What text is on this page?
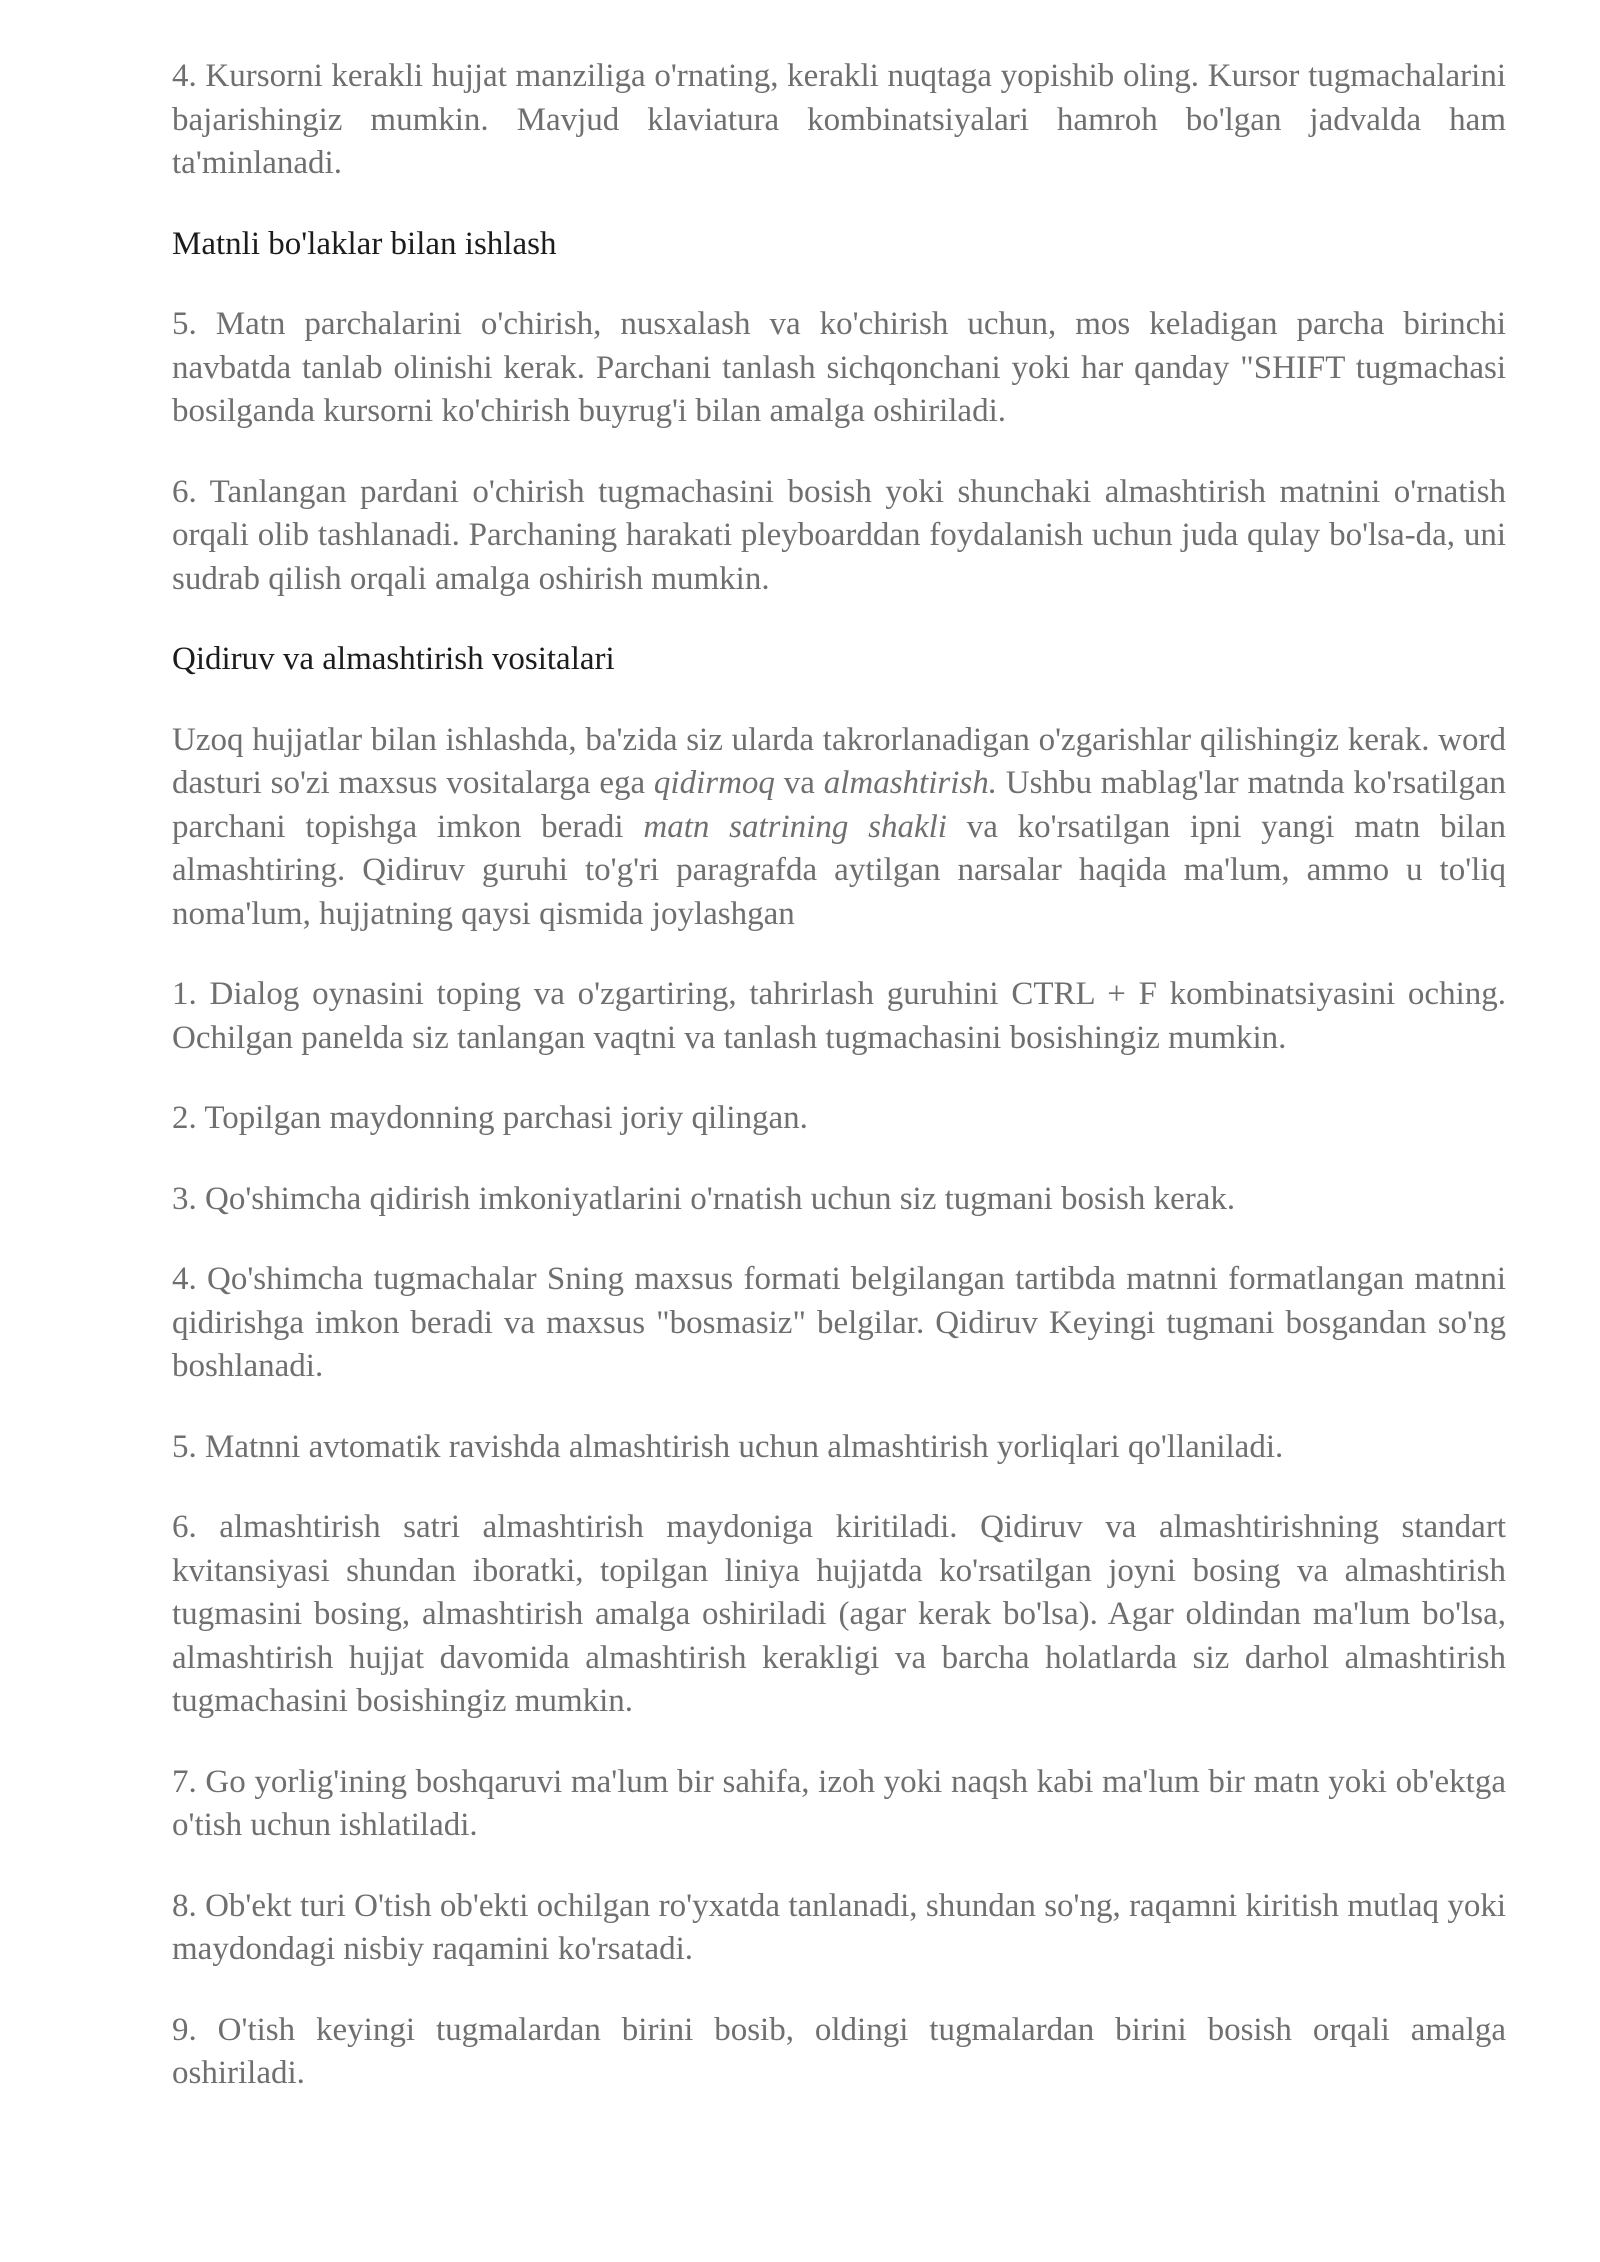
4. Kursorni kerakli hujjat manziliga o'rnating, kerakli nuqtaga yopishib oling. Kursor tugmachalarini bajarishingiz mumkin. Mavjud klaviatura kombinatsiyalari hamroh bo'lgan jadvalda ham ta'minlanadi.

Matnli bo'laklar bilan ishlash

5. Matn parchalarini o'chirish, nusxalash va ko'chirish uchun, mos keladigan parcha birinchi navbatda tanlab olinishi kerak. Parchani tanlash sichqonchani yoki har qanday "SHIFT tugmachasi bosilganda kursorni ko'chirish buyrug'i bilan amalga oshiriladi.

6. Tanlangan pardani o'chirish tugmachasini bosish yoki shunchaki almashtirish matnini o'rnatish orqali olib tashlanadi. Parchaning harakati pleyboarddan foydalanish uchun juda qulay bo'lsa-da, uni sudrab qilish orqali amalga oshirish mumkin.

Qidiruv va almashtirish vositalari

Uzoq hujjatlar bilan ishlashda, ba'zida siz ularda takrorlanadigan o'zgarishlar qilishingiz kerak. word dasturi so'zi maxsus vositalarga ega qidirmoq va almashtirish. Ushbu mablag'lar matnda ko'rsatilgan parchani topishga imkon beradi matn satrining shakli va ko'rsatilgan ipni yangi matn bilan almashtiring. Qidiruv guruhi to'g'ri paragrafda aytilgan narsalar haqida ma'lum, ammo u to'liq noma'lum, hujjatning qaysi qismida joylashgan

1. Dialog oynasini toping va o'zgartiring, tahrirlash guruhini CTRL + F kombinatsiyasini oching. Ochilgan panelda siz tanlangan vaqtni va tanlash tugmachasini bosishingiz mumkin.

2. Topilgan maydonning parchasi joriy qilingan.

3. Qo'shimcha qidirish imkoniyatlarini o'rnatish uchun siz tugmani bosish kerak.

4. Qo'shimcha tugmachalar Sning maxsus formati belgilangan tartibda matnni formatlangan matnni qidirishga imkon beradi va maxsus "bosmasiz" belgilar. Qidiruv Keyingi tugmani bosgandan so'ng boshlanadi.

5. Matnni avtomatik ravishda almashtirish uchun almashtirish yorliqlari qo'llaniladi.

6. almashtirish satri almashtirish maydoniga kiritiladi. Qidiruv va almashtirishning standart kvitansiyasi shundan iboratki, topilgan liniya hujjatda ko'rsatilgan joyni bosing va almashtirish tugmasini bosing, almashtirish amalga oshiriladi (agar kerak bo'lsa). Agar oldindan ma'lum bo'lsa, almashtirish hujjat davomida almashtirish kerakligi va barcha holatlarda siz darhol almashtirish tugmachasini bosishingiz mumkin.

7. Go yorlig'ining boshqaruvi ma'lum bir sahifa, izoh yoki naqsh kabi ma'lum bir matn yoki ob'ektga o'tish uchun ishlatiladi.

8. Ob'ekt turi O'tish ob'ekti ochilgan ro'yxatda tanlanadi, shundan so'ng, raqamni kiritish mutlaq yoki maydondagi nisbiy raqamini ko'rsatadi.

9. O'tish keyingi tugmalardan birini bosib, oldingi tugmalardan birini bosish orqali amalga oshiriladi.
